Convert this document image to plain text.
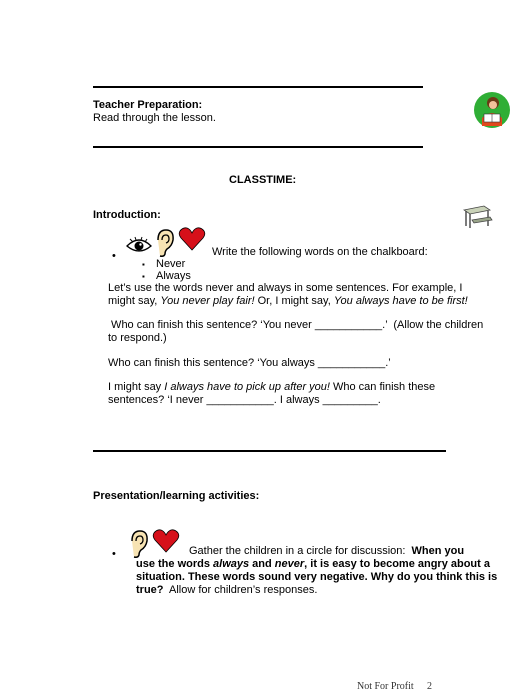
Teacher Preparation:
Read through the lesson.
CLASSTIME:
Introduction:
•	Write the following words on the chalkboard:
▪ Never
▪ Always
Let’s use the words never and always in some sentences. For example, I
might say, You never play fair! Or, I might say, You always have to be first!
Who can finish this sentence? ‘You never ___________.’  (Allow the children
to respond.)
Who can finish this sentence? ‘You always ___________.’
I might say I always have to pick up after you! Who can finish these
sentences? ‘I never ___________. I always _________.
Presentation/learning activities:
•	Gather the children in a circle for discussion:  When you
use the words always and never, it is easy to become angry about a
situation. These words sound very negative. Why do you think this is
true?  Allow for children’s responses.
Not For Profit 2
